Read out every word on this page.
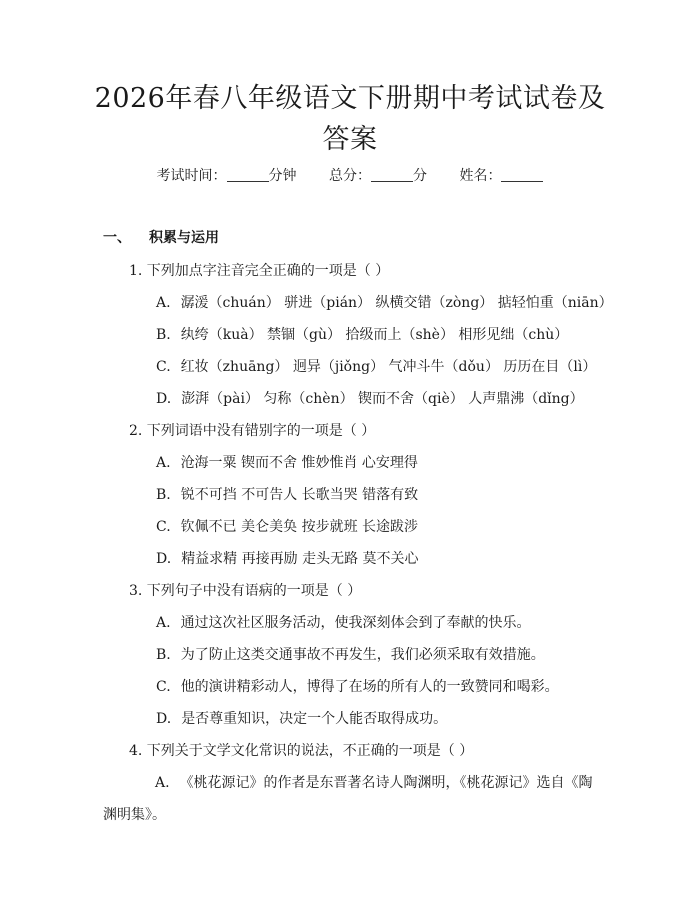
2026年春八年级语文下册期中考试试卷及答案
考试时间：	分钟 总分：	分 姓名：
一、 积累与运用
1. 下列加点字注音完全正确的一项是（ ）
A. 潺湲（chuán） 骈进（pián） 纵横交错（zòng） 掂轻怕重（niān）
B. 纨绔（kuà） 禁锢（gù） 拾级而上（shè） 相形见绌（chù）
C. 红妆（zhuāng） 迥异（jiǒng） 气冲斗牛（dǒu） 历历在目（lì）
D. 澎湃（pài） 匀称（chèn） 锲而不舍（qiè） 人声鼎沸（dǐng）
2. 下列词语中没有错别字的一项是（ ）
A. 沧海一粟 锲而不舍 惟妙惟肖 心安理得
B. 锐不可挡 不可告人 长歌当哭 错落有致
C. 钦佩不已 美仑美奂 按步就班 长途跋涉
D. 精益求精 再接再励 走头无路 莫不关心
3. 下列句子中没有语病的一项是（ ）
A. 通过这次社区服务活动，使我深刻体会到了奉献的快乐。
B. 为了防止这类交通事故不再发生，我们必须采取有效措施。
C. 他的演讲精彩动人，博得了在场的所有人的一致赞同和喝彩。
D. 是否尊重知识，决定一个人能否取得成功。
4. 下列关于文学文化常识的说法，不正确的一项是（ ）
A. 《桃花源记》的作者是东晋著名诗人陶渊明，《桃花源记》选自《陶渊明集》。
